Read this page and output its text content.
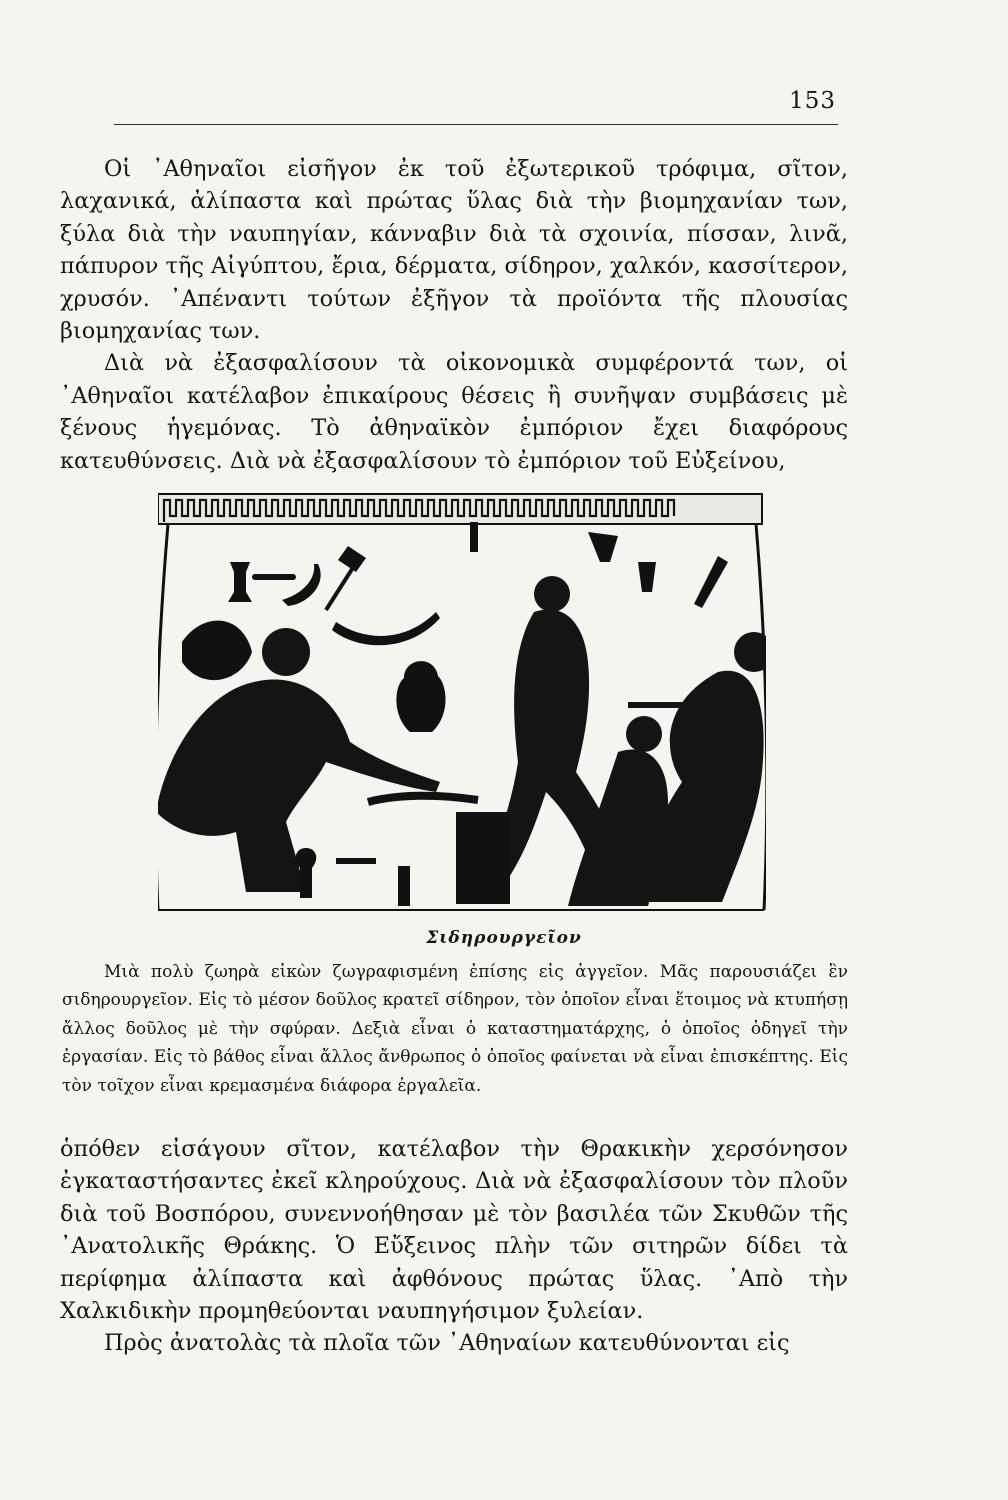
153

Οἱ ᾿Αθηναῖοι εἰσῆγον ἐκ τοῦ ἐξωτερικοῦ τρόφιμα, σῖτον, λαχανικά, ἀλίπαστα καὶ πρώτας ὕλας διὰ τὴν βιομηχανίαν των, ξύλα διὰ τὴν ναυπηγίαν, κάνναβιν διὰ τὰ σχοινία, πίσσαν, λινᾶ, πάπυρον τῆς Αἰγύπτου, ἔρια, δέρματα, σίδηρον, χαλκόν, κασσίτερον, χρυσόν. ᾿Απέναντι τούτων ἐξῆγον τὰ προϊόντα τῆς πλουσίας βιομηχανίας των.

Διὰ νὰ ἐξασφαλίσουν τὰ οἰκονομικὰ συμφέροντά των, οἱ ᾿Αθηναῖοι κατέλαβον ἐπικαίρους θέσεις ἢ συνῆψαν συμβάσεις μὲ ξένους ἡγεμόνας. Τὸ ἀθηναϊκὸν ἐμπόριον ἔχει διαφόρους κατευθύνσεις. Διὰ νὰ ἐξασφαλίσουν τὸ ἐμπόριον τοῦ Εὐξείνου,

Σιδηρουργεῖον

Μιὰ πολὺ ζωηρὰ εἰκὼν ζωγραφισμένη ἐπίσης εἰς ἀγγεῖον. Μᾶς παρουσιάζει ἓν σιδηρουργεῖον. Εἰς τὸ μέσον δοῦλος κρατεῖ σίδηρον, τὸν ὁποῖον εἶναι ἕτοιμος νὰ κτυπήσῃ ἄλλος δοῦλος μὲ τὴν σφύραν. Δεξιὰ εἶναι ὁ καταστηματάρχης, ὁ ὁποῖος ὁδηγεῖ τὴν ἐργασίαν. Εἰς τὸ βάθος εἶναι ἄλλος ἄνθρωπος ὁ ὁποῖος φαίνεται νὰ εἶναι ἐπισκέπτης. Εἰς τὸν τοῖχον εἶναι κρεμασμένα διάφορα ἐργαλεῖα.

ὁπόθεν εἰσάγουν σῖτον, κατέλαβον τὴν Θρακικὴν χερσόνησον ἐγκαταστήσαντες ἐκεῖ κληρούχους. Διὰ νὰ ἐξασφαλίσουν τὸν πλοῦν διὰ τοῦ Βοσπόρου, συνεννοήθησαν μὲ τὸν βασιλέα τῶν Σκυθῶν τῆς ᾿Ανατολικῆς Θράκης. Ὁ Εὔξεινος πλὴν τῶν σιτηρῶν δίδει τὰ περίφημα ἀλίπαστα καὶ ἀφθόνους πρώτας ὕλας. ᾿Απὸ τὴν Χαλκιδικὴν προμηθεύονται ναυπηγήσιμον ξυλείαν.

Πρὸς ἀνατολὰς τὰ πλοῖα τῶν ᾿Αθηναίων κατευθύνονται εἰς
